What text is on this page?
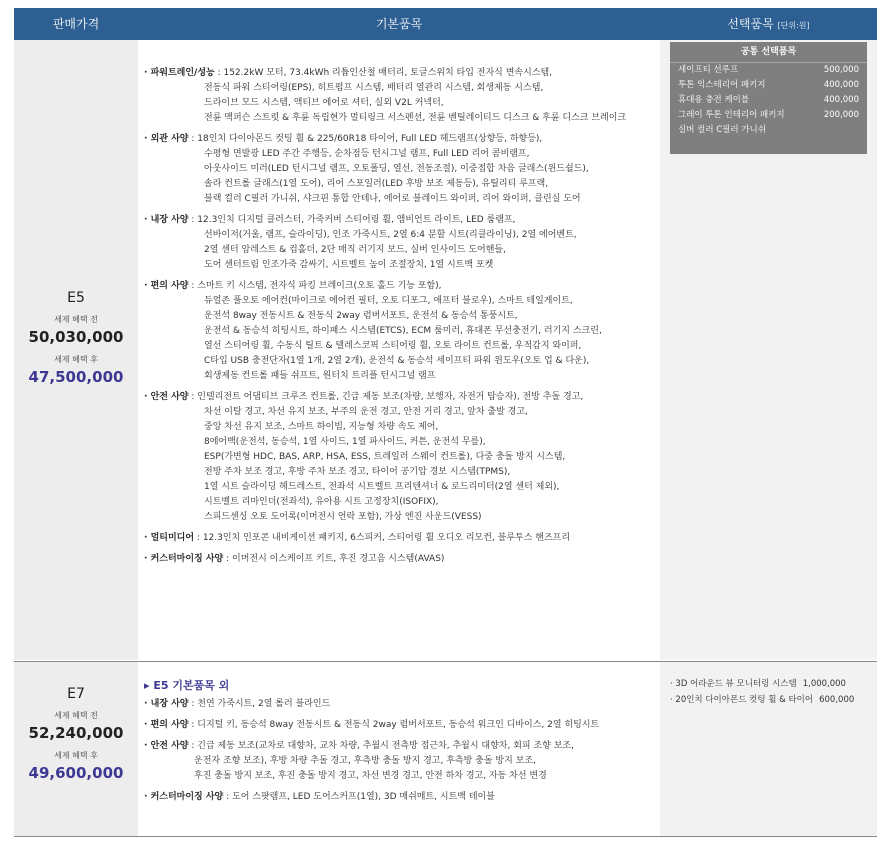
판매가격	기본품목	선택품목 [단위:원]
E5
세제 혜택 전
50,030,000
세제 혜택 후
47,500,000
· 파워트레인/성능 : 152.2kW 모터, 73.4kWh 리튬인산철 배터리, 토글스위치 타입 전자식 변속시스템,
전동식 파워 스티어링(EPS), 히트펌프 시스템, 배터리 열관리 시스템, 회생제동 시스템,
드라이브 모드 시스템, 액티브 에어로 셔터, 실외 V2L 커넥터,
전륜 맥퍼슨 스트럿 & 후륜 독립현가 멀티링크 서스펜션, 전륜 벤틸레이티드 디스크 & 후륜 디스크 브레이크
· 외관 사양 : 18인치 다이아몬드 컷팅 휠 & 225/60R18 타이어, Full LED 헤드램프(상향등, 하향등),
수평형 면발광 LED 주간 주행등, 순차점등 턴시그널 램프, Full LED 리어 콤비램프,
아웃사이드 미러(LED 턴시그널 램프, 오토폴딩, 열선, 전동조절), 이중접합 차음 글래스(윈드쉴드),
솔라 컨트롤 글래스(1열 도어), 리어 스포일러(LED 후방 보조 제동등), 유틸리티 루프랙,
블랙 컬러 C필러 가니쉬, 샤크핀 통합 안테나, 에어로 블레이드 와이퍼, 리어 와이퍼, 클린실 도어
· 내장 사양 : 12.3인치 디지털 클러스터, 가죽커버 스티어링 휠, 앰비언트 라이트, LED 룸램프,
선바이저(거울, 램프, 슬라이딩), 인조 가죽시트, 2열 6:4 분할 시트(리클라이닝), 2열 에어벤트,
2열 센터 암레스트 & 컵홀더, 2단 매직 러기지 보드, 실버 인사이드 도어핸들,
도어 센터트림 인조가죽 감싸기, 시트벨트 높이 조절장치, 1열 시트백 포켓
· 편의 사양 : 스마트 키 시스템, 전자식 파킹 브레이크(오토 홀드 기능 포함),
듀얼존 풀오토 에어컨(마이크로 에어컨 필터, 오토 디포그, 애프터 블로우), 스마트 테일게이트,
운전석 8way 전동시트 & 전동식 2way 럼버서포트, 운전석 & 동승석 통풍시트,
운전석 & 동승석 히팅시트, 하이패스 시스템(ETCS), ECM 룸미러, 휴대폰 무선충전기, 러기지 스크린,
열선 스티어링 휠, 수동식 틸트 & 텔레스코픽 스티어링 휠, 오토 라이트 컨트롤, 우적감지 와이퍼,
C타입 USB 충전단자(1열 1개, 2열 2개), 운전석 & 동승석 세이프티 파워 윈도우(오토 업 & 다운),
회생제동 컨트롤 패들 쉬프트, 원터치 트리플 턴시그널 램프
· 안전 사양 : 인텔리전트 어댑티브 크루즈 컨트롤, 긴급 제동 보조(차량, 보행자, 자전거 탑승자), 전방 추돌 경고,
차선 이탈 경고, 차선 유지 보조, 부주의 운전 경고, 안전 거리 경고, 앞차 출발 경고,
중앙 차선 유지 보조, 스마트 하이빔, 지능형 차량 속도 제어,
8에어백(운전석, 동승석, 1열 사이드, 1열 파사이드, 커튼, 운전석 무릎),
ESP(가변형 HDC, BAS, ARP, HSA, ESS, 트레일러 스웨이 컨트롤), 다중 충돌 방지 시스템,
전방 주차 보조 경고, 후방 주차 보조 경고, 타이어 공기압 경보 시스템(TPMS),
1열 시트 슬라이딩 헤드레스트, 전좌석 시트벨트 프리텐셔너 & 로드리미터(2열 센터 제외),
시트벨트 리마인더(전좌석), 유아용 시트 고정장치(ISOFIX),
스피드센싱 오토 도어록(이머전시 언락 포함), 가상 엔진 사운드(VESS)
· 멀티미디어 : 12.3인치 인포콘 내비게이션 패키지, 6스피커, 스티어링 휠 오디오 리모컨, 블루투스 핸즈프리
· 커스터마이징 사양 : 이머전시 이스케이프 키트, 후진 경고음 시스템(AVAS)
공통 선택품목
세이프티 선루프	500,000
투톤 익스테리어 패키지	400,000
휴대용 충전 케이블	400,000
그레이 투톤 인테리어 패키지	200,000
실버 컬러 C필러 가니쉬
E7
세제 혜택 전
52,240,000
세제 혜택 후
49,600,000
▸ E5 기본품목 외
· 내장 사양 : 천연 가죽시트, 2열 롤러 블라인드
· 편의 사양 : 디지털 키, 동승석 8way 전동시트 & 전동식 2way 럼버서포트, 동승석 워크인 디바이스, 2열 히팅시트
· 안전 사양 : 긴급 제동 보조(교차로 대향차, 교차 차량, 추월시 전측방 접근차, 추월시 대향차, 회피 조향 보조,
운전자 조향 보조), 후방 차량 추돌 경고, 후측방 충돌 방지 경고, 후측방 충돌 방지 보조,
후진 충돌 방지 보조, 후진 충돌 방지 경고, 차선 변경 경고, 안전 하차 경고, 자동 차선 변경
· 커스터마이징 사양 : 도어 스팟램프, LED 도어스커프(1열), 3D 매쉬매트, 시트백 테이블
· 3D 어라운드 뷰 모니터링 시스템 1,000,000
· 20인치 다이아몬드 컷팅 휠 & 타이어 600,000
